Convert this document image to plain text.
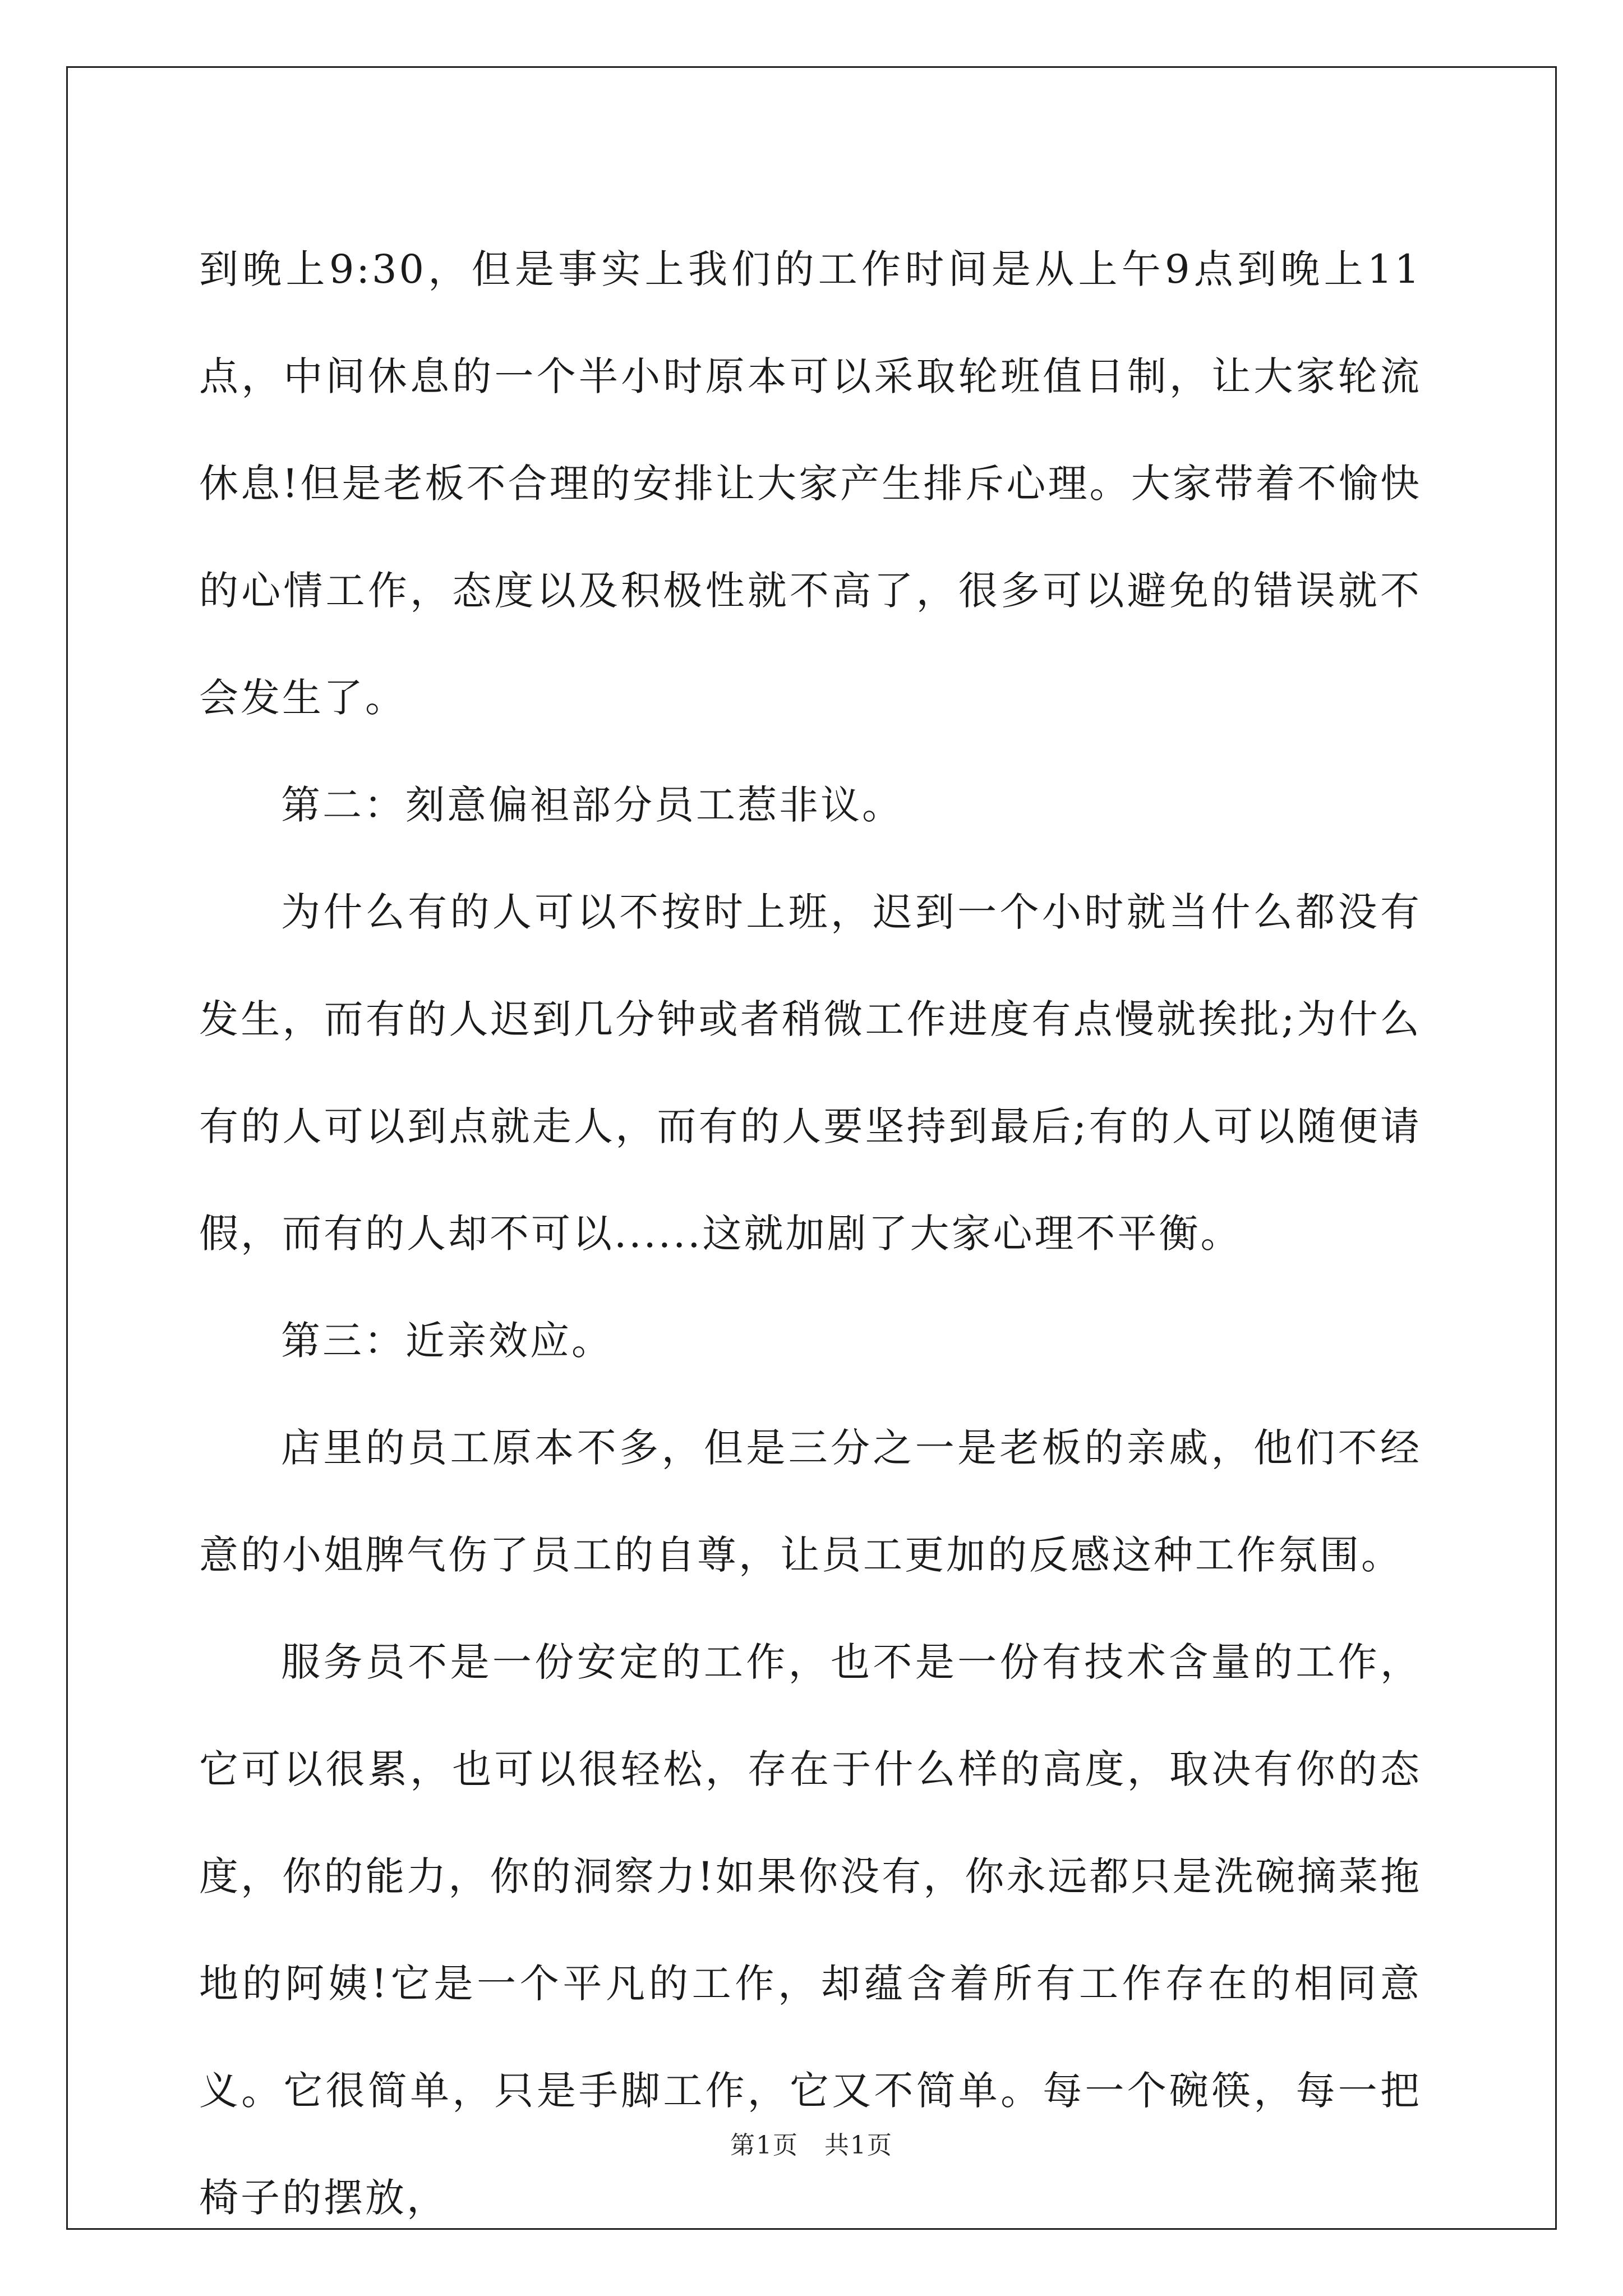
到晚上9:30，但是事实上我们的工作时间是从上午9点到晚上11点，中间休息的一个半小时原本可以采取轮班值日制，让大家轮流休息!但是老板不合理的安排让大家产生排斥心理。大家带着不愉快的心情工作，态度以及积极性就不高了，很多可以避免的错误就不会发生了。

第二：刻意偏袒部分员工惹非议。

为什么有的人可以不按时上班，迟到一个小时就当什么都没有发生，而有的人迟到几分钟或者稍微工作进度有点慢就挨批;为什么有的人可以到点就走人，而有的人要坚持到最后;有的人可以随便请假，而有的人却不可以......这就加剧了大家心理不平衡。

第三：近亲效应。

店里的员工原本不多，但是三分之一是老板的亲戚，他们不经意的小姐脾气伤了员工的自尊，让员工更加的反感这种工作氛围。

服务员不是一份安定的工作，也不是一份有技术含量的工作，它可以很累，也可以很轻松，存在于什么样的高度，取决有你的态度，你的能力，你的洞察力!如果你没有，你永远都只是洗碗摘菜拖地的阿姨!它是一个平凡的工作，却蕴含着所有工作存在的相同意义。它很简单，只是手脚工作，它又不简单。每一个碗筷，每一把椅子的摆放，

第1页 共1页
